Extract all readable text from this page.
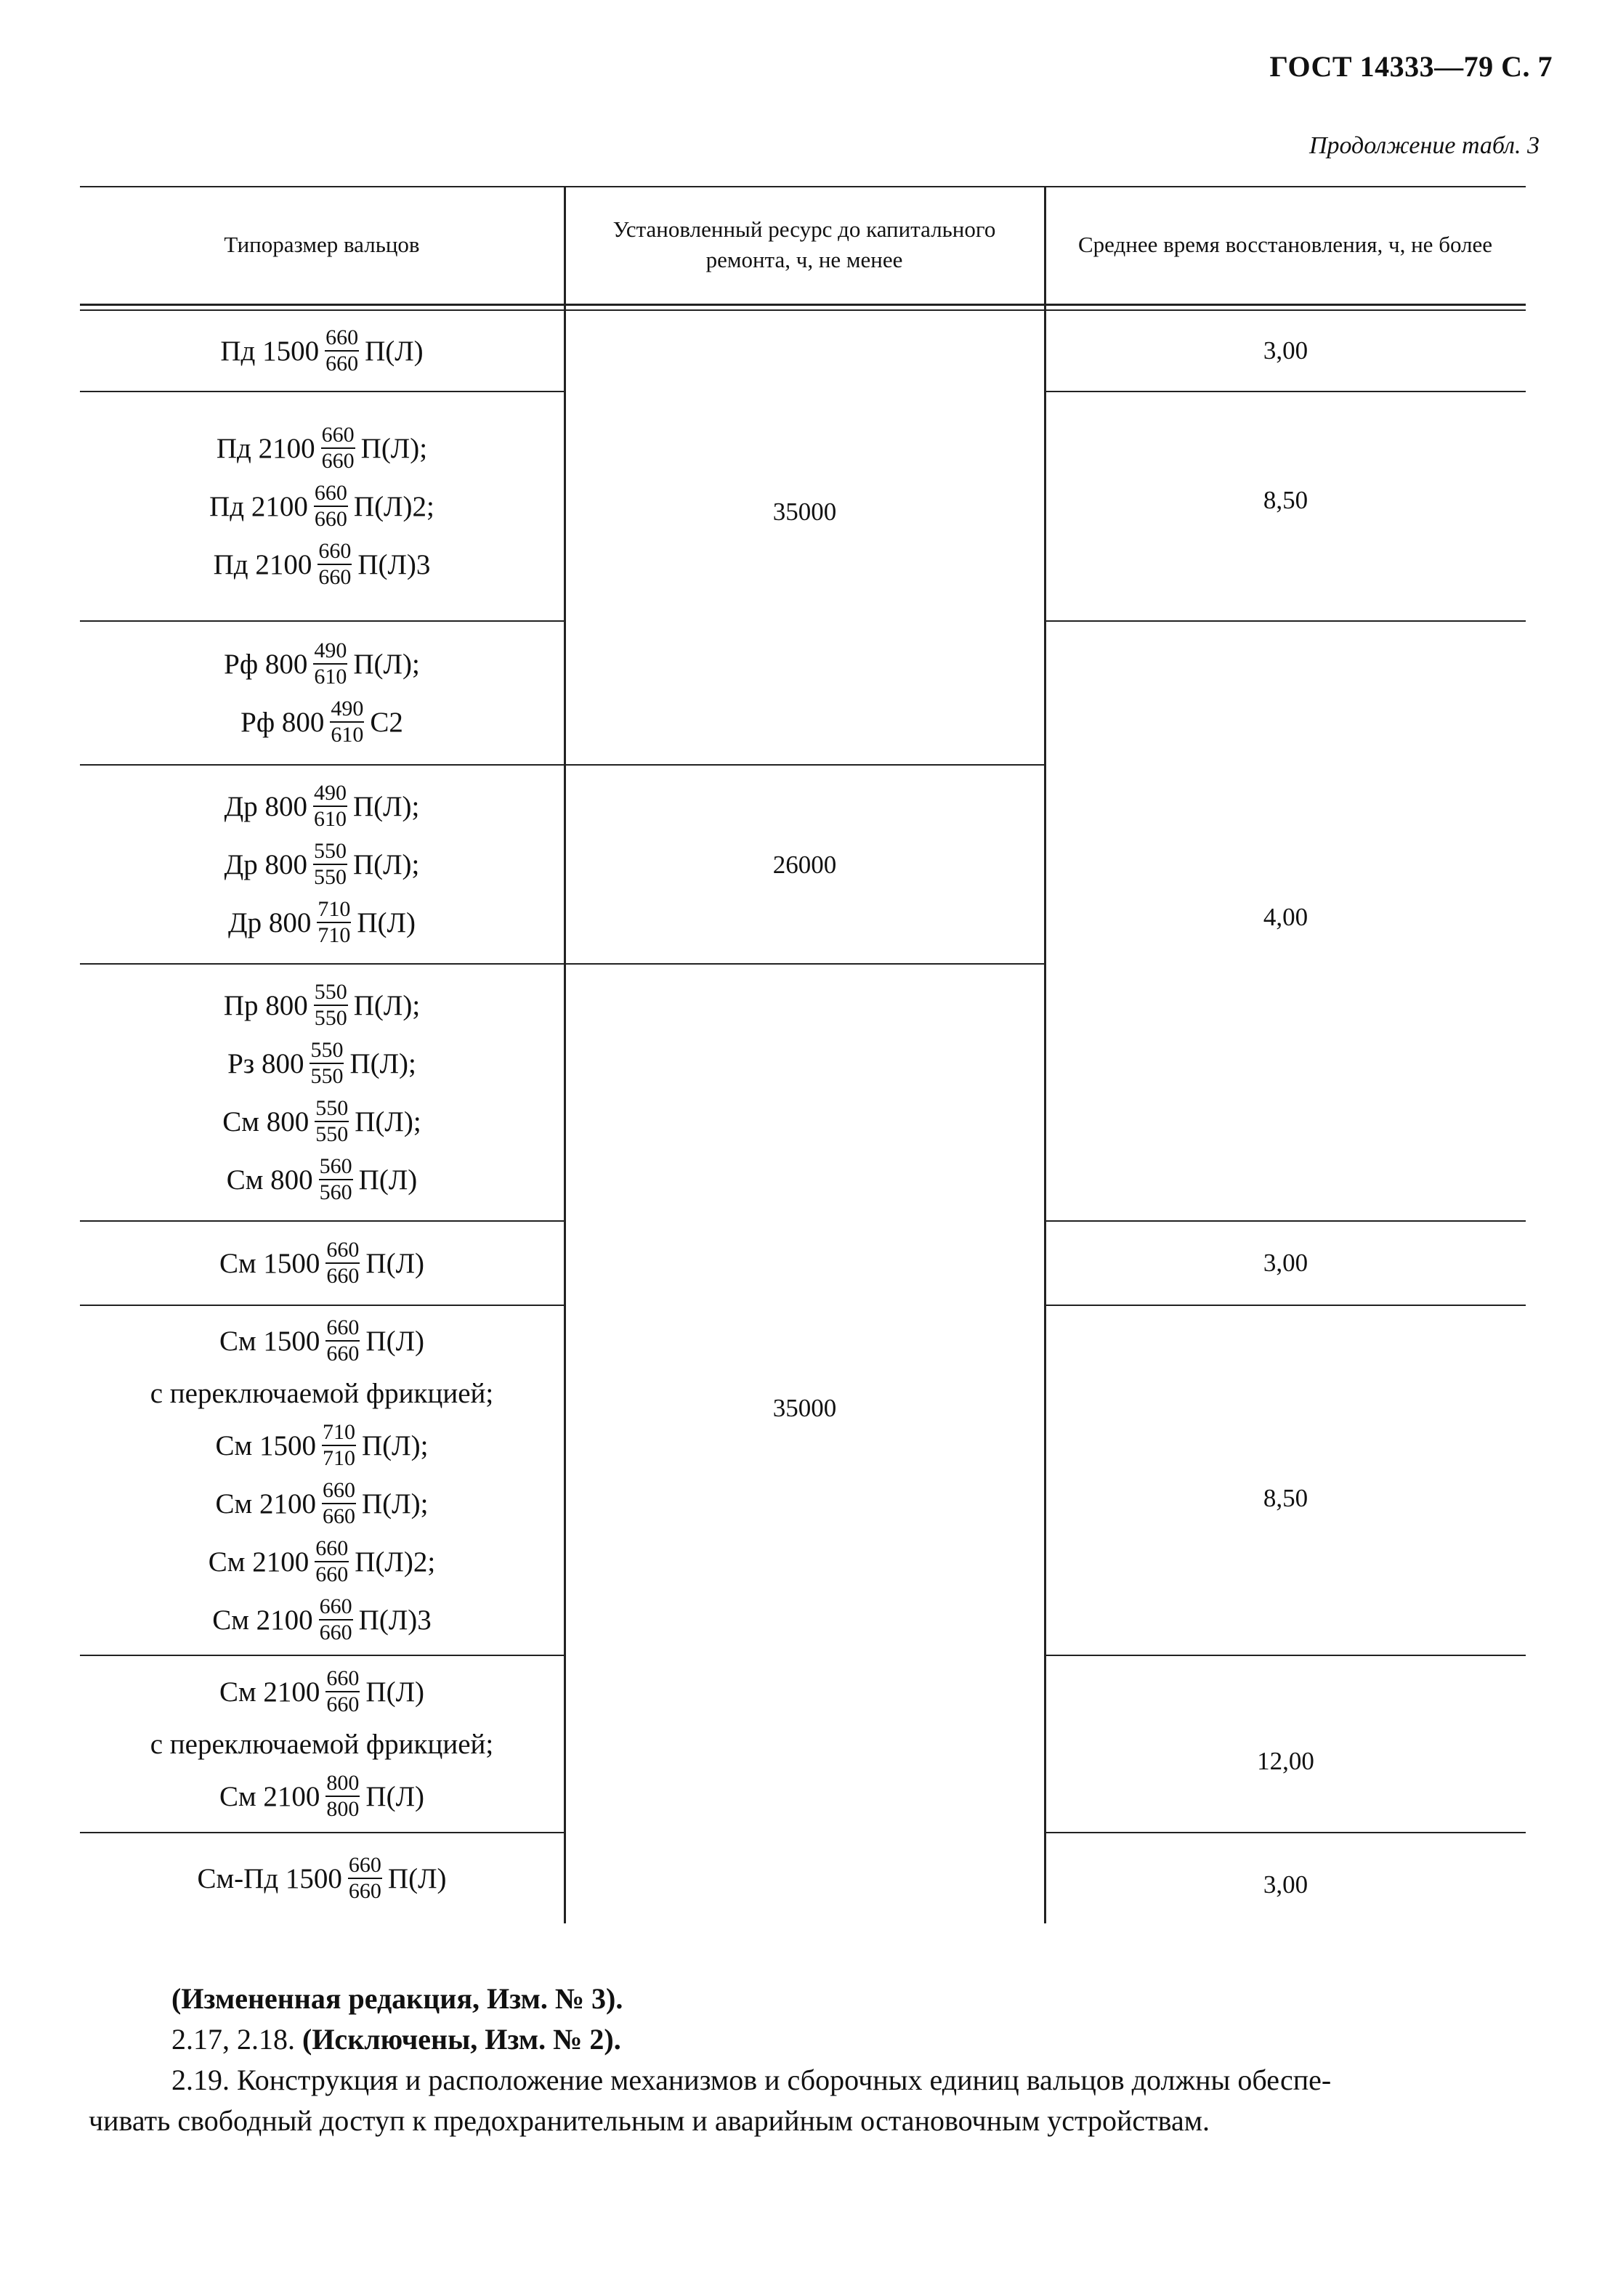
ГОСТ 14333—79 С. 7
Продолжение табл. 3
Типоразмер вальцов
Установленный ресурс до капитального ремонта, ч, не менее
Среднее время восстановления, ч, не более
Пд $1500 \frac{660}{660} П(Л)$
Пд $2100 \frac{660}{660} П(Л)$;
Пд $2100 \frac{660}{660} П(Л)2$;
Пд $2100 \frac{660}{660} П(Л)3$
Рф $800 \frac{490}{610} П(Л)$;
Рф $800 \frac{490}{610} С2$
Др $800 \frac{490}{610} П(Л)$;
Др $800 \frac{550}{550} П(Л)$;
Др $800 \frac{710}{710} П(Л)$
Пр $800 \frac{550}{550} П(Л)$;
Рз $800 \frac{550}{550} П(Л)$;
См $800 \frac{550}{550} П(Л)$;
См $800 \frac{560}{560} П(Л)$
См $1500 \frac{660}{660} П(Л)$
См $1500 \frac{660}{660} П(Л)$
с переключаемой фрикцией;
См $1500 \frac{710}{710} П(Л)$;
См $2100 \frac{660}{660} П(Л)$;
См $2100 \frac{660}{660} П(Л)2$;
См $2100 \frac{660}{660} П(Л)3$
См $2100 \frac{660}{660} П(Л)$
с переключаемой фрикцией;
См $2100 \frac{800}{800} П(Л)$
См-Пд $1500 \frac{660}{660} П(Л)$
35000
26000
35000
3,00
8,50
4,00
3,00
8,50
12,00
3,00
(Измененная редакция, Изм. № 3).
2.17, 2.18. (Исключены, Изм. № 2).
2.19. Конструкция и расположение механизмов и сборочных единиц вальцов должны обеспе-
чивать свободный доступ к предохранительным и аварийным остановочным устройствам.
